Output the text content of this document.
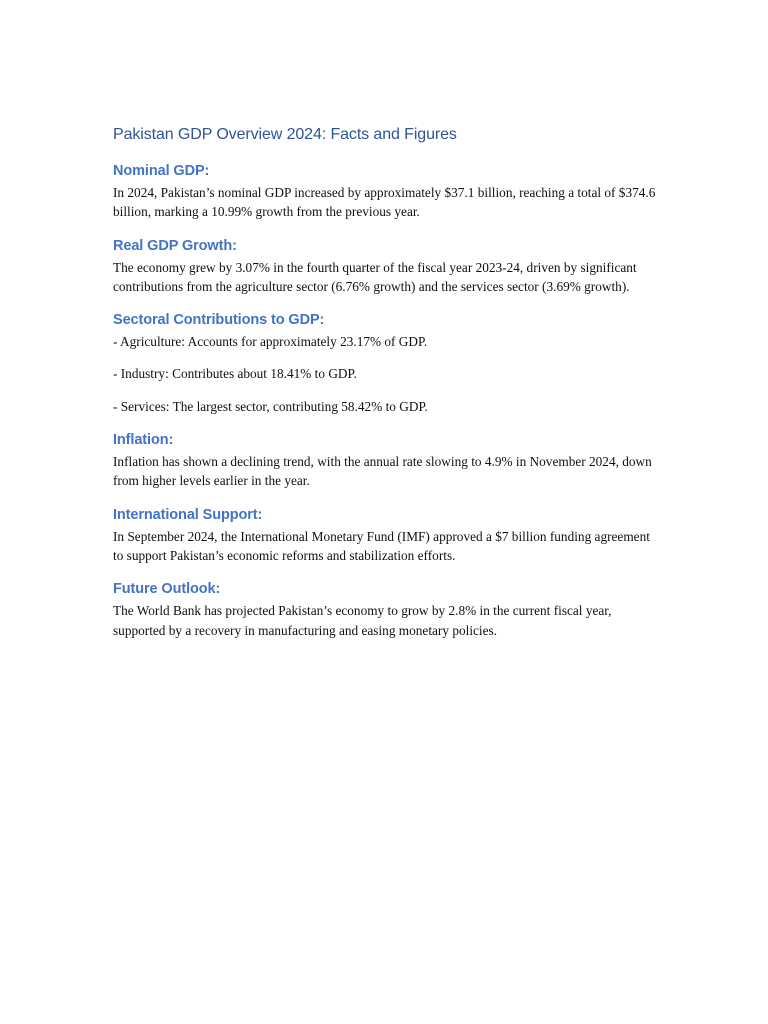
Pakistan GDP Overview 2024: Facts and Figures
Nominal GDP:

In 2024, Pakistan’s nominal GDP increased by approximately $37.1 billion, reaching a total of $374.6 billion, marking a 10.99% growth from the previous year.

Real GDP Growth:

The economy grew by 3.07% in the fourth quarter of the fiscal year 2023-24, driven by significant contributions from the agriculture sector (6.76% growth) and the services sector (3.69% growth).

Sectoral Contributions to GDP:

- Agriculture: Accounts for approximately 23.17% of GDP.

- Industry: Contributes about 18.41% to GDP.

- Services: The largest sector, contributing 58.42% to GDP.

Inflation:

Inflation has shown a declining trend, with the annual rate slowing to 4.9% in November 2024, down from higher levels earlier in the year.

International Support:

In September 2024, the International Monetary Fund (IMF) approved a $7 billion funding agreement to support Pakistan’s economic reforms and stabilization efforts.

Future Outlook:

The World Bank has projected Pakistan’s economy to grow by 2.8% in the current fiscal year, supported by a recovery in manufacturing and easing monetary policies.
